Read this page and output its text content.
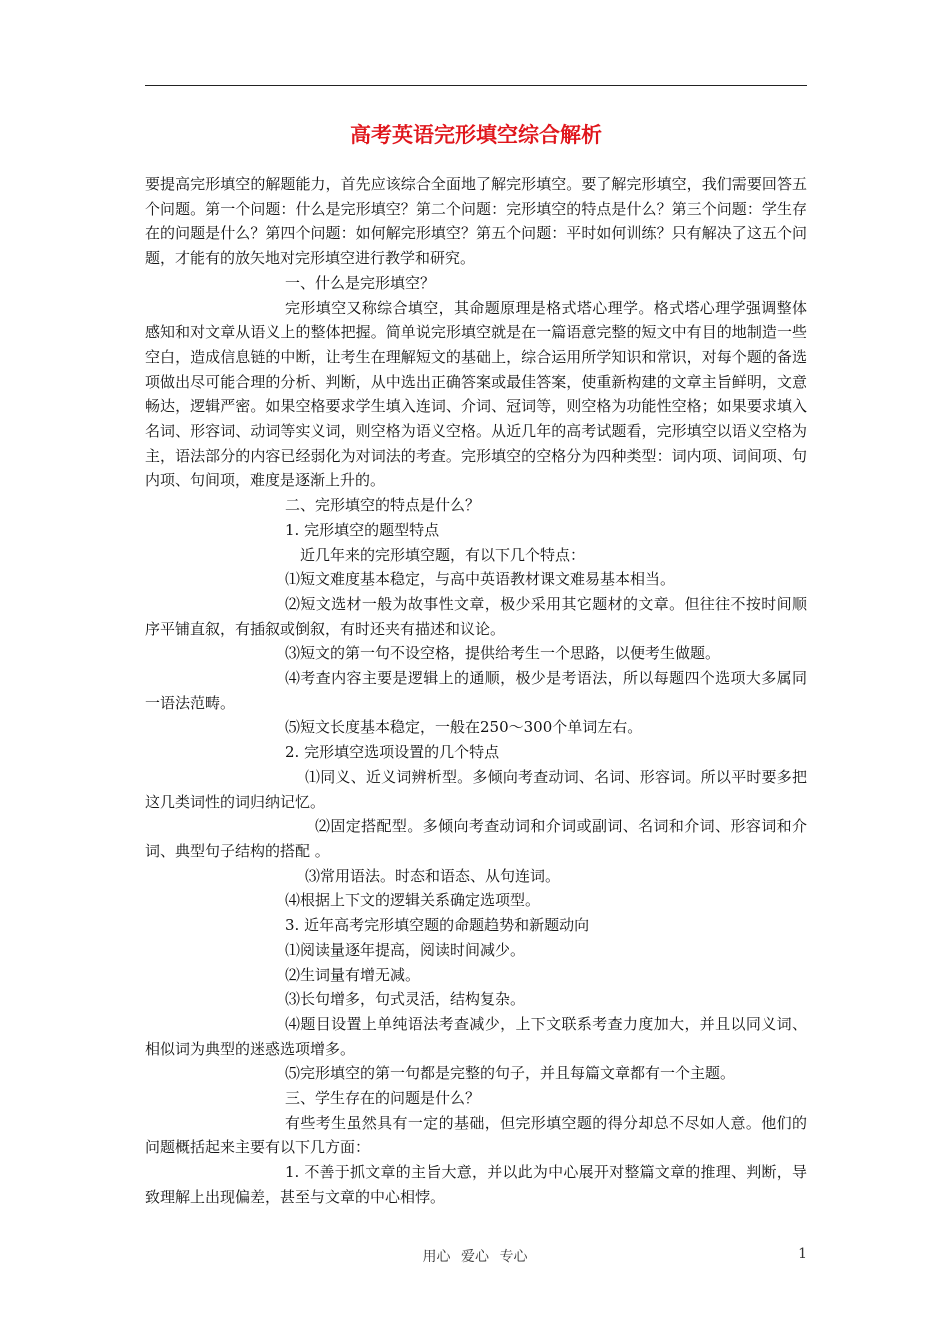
高考英语完形填空综合解析

要提高完形填空的解题能力，首先应该综合全面地了解完形填空。要了解完形填空，我们需要回答五个问题。第一个问题：什么是完形填空？第二个问题：完形填空的特点是什么？第三个问题：学生存在的问题是什么？第四个问题：如何解完形填空？第五个问题：平时如何训练？只有解决了这五个问题，才能有的放矢地对完形填空进行教学和研究。

一、什么是完形填空？

完形填空又称综合填空，其命题原理是格式塔心理学。格式塔心理学强调整体感知和对文章从语义上的整体把握。简单说完形填空就是在一篇语意完整的短文中有目的地制造一些空白，造成信息链的中断，让考生在理解短文的基础上，综合运用所学知识和常识，对每个题的备选项做出尽可能合理的分析、判断，从中选出正确答案或最佳答案，使重新构建的文章主旨鲜明，文意畅达，逻辑严密。如果空格要求学生填入连词、介词、冠词等，则空格为功能性空格；如果要求填入名词、形容词、动词等实义词，则空格为语义空格。从近几年的高考试题看，完形填空以语义空格为主，语法部分的内容已经弱化为对词法的考查。完形填空的空格分为四种类型：词内项、词间项、句内项、句间项，难度是逐渐上升的。

二、完形填空的特点是什么？

1. 完形填空的题型特点

近几年来的完形填空题，有以下几个特点：

⑴短文难度基本稳定，与高中英语教材课文难易基本相当。

⑵短文选材一般为故事性文章，极少采用其它题材的文章。但往往不按时间顺序平铺直叙，有插叙或倒叙，有时还夹有描述和议论。

⑶短文的第一句不设空格，提供给考生一个思路，以便考生做题。

⑷考查内容主要是逻辑上的通顺，极少是考语法，所以每题四个选项大多属同一语法范畴。

⑸短文长度基本稳定，一般在250～300个单词左右。

2. 完形填空选项设置的几个特点

⑴同义、近义词辨析型。多倾向考查动词、名词、形容词。所以平时要多把这几类词性的词归纳记忆。

⑵固定搭配型。多倾向考查动词和介词或副词、名词和介词、形容词和介词、典型句子结构的搭配 。

⑶常用语法。时态和语态、从句连词。

⑷根据上下文的逻辑关系确定选项型。

3. 近年高考完形填空题的命题趋势和新题动向

⑴阅读量逐年提高，阅读时间减少。

⑵生词量有增无减。

⑶长句增多，句式灵活，结构复杂。

⑷题目设置上单纯语法考查减少，上下文联系考查力度加大，并且以同义词、相似词为典型的迷惑选项增多。

⑸完形填空的第一句都是完整的句子，并且每篇文章都有一个主题。

三、学生存在的问题是什么？

有些考生虽然具有一定的基础，但完形填空题的得分却总不尽如人意。他们的问题概括起来主要有以下几方面：

1. 不善于抓文章的主旨大意，并以此为中心展开对整篇文章的推理、判断，导致理解上出现偏差，甚至与文章的中心相悖。

用心 爱心 专心	1
